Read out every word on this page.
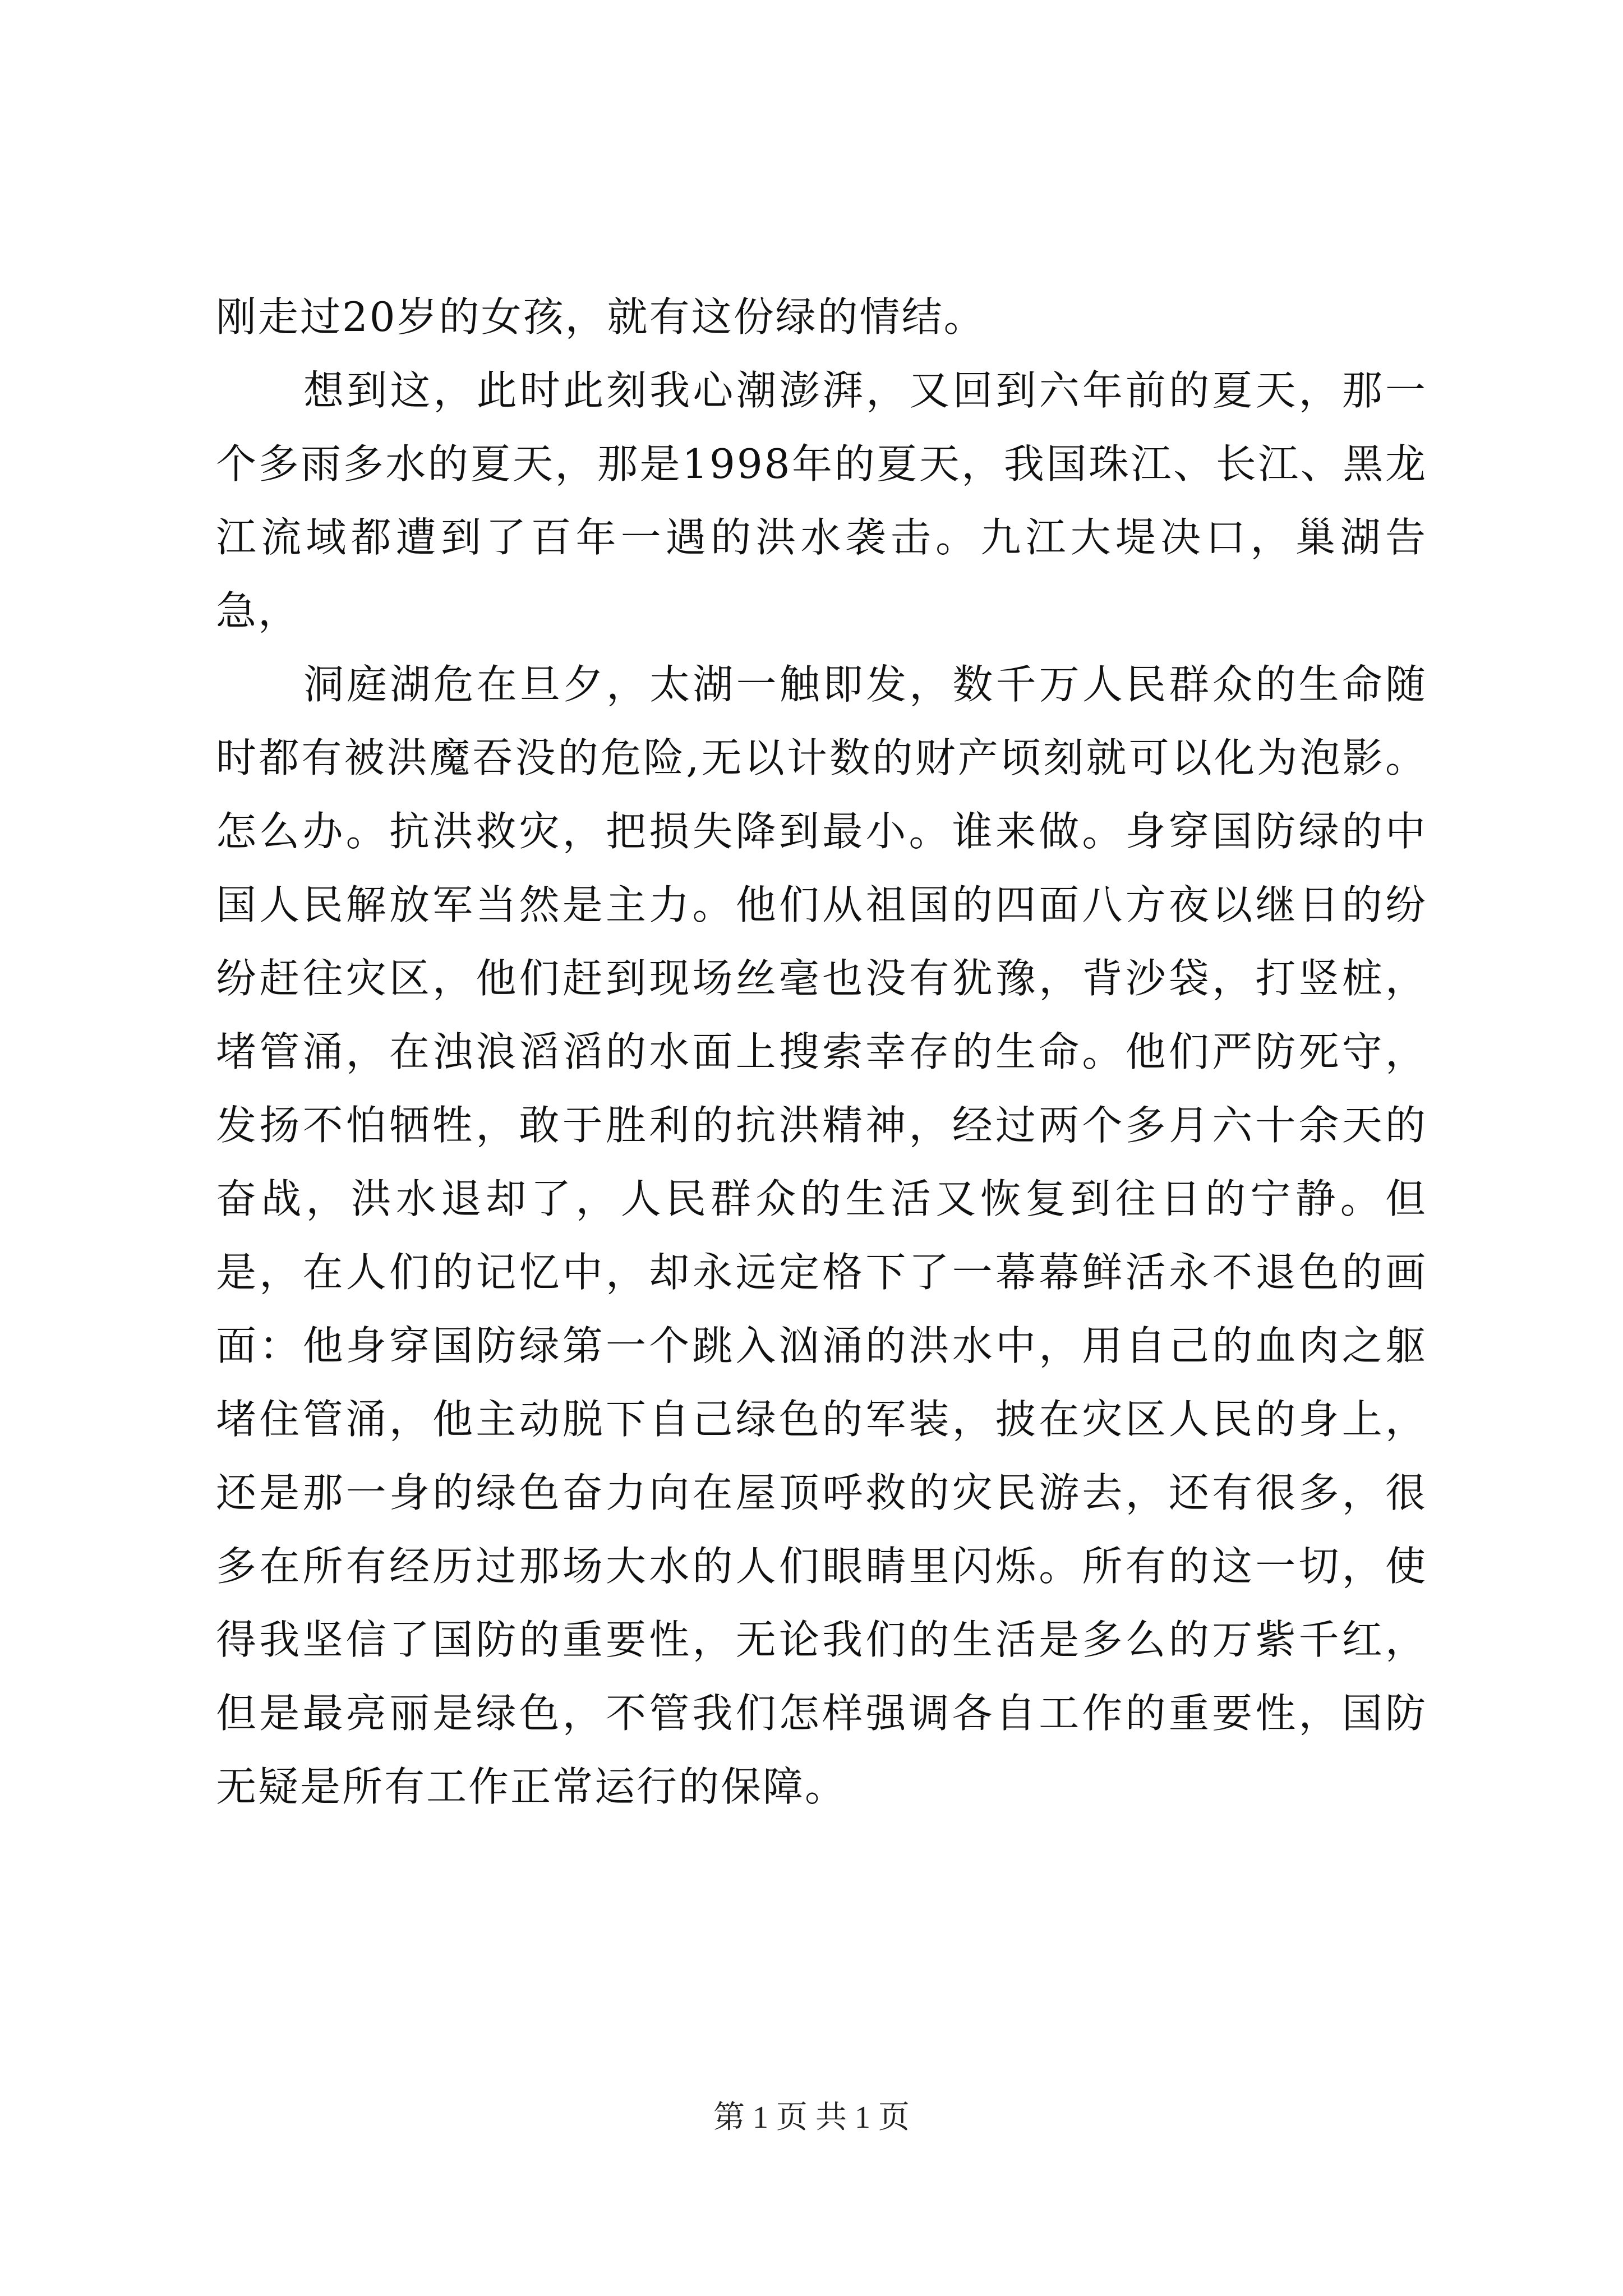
刚走过20岁的女孩，就有这份绿的情结。

想到这，此时此刻我心潮澎湃，又回到六年前的夏天，那一个多雨多水的夏天，那是1998年的夏天，我国珠江、长江、黑龙江流域都遭到了百年一遇的洪水袭击。九江大堤决口，巢湖告急，

洞庭湖危在旦夕，太湖一触即发，数千万人民群众的生命随时都有被洪魔吞没的危险,无以计数的财产顷刻就可以化为泡影。怎么办。抗洪救灾，把损失降到最小。谁来做。身穿国防绿的中国人民解放军当然是主力。他们从祖国的四面八方夜以继日的纷纷赶往灾区，他们赶到现场丝毫也没有犹豫，背沙袋，打竖桩，堵管涌，在浊浪滔滔的水面上搜索幸存的生命。他们严防死守，发扬不怕牺牲，敢于胜利的抗洪精神，经过两个多月六十余天的奋战，洪水退却了，人民群众的生活又恢复到往日的宁静。但是，在人们的记忆中，却永远定格下了一幕幕鲜活永不退色的画面：他身穿国防绿第一个跳入汹涌的洪水中，用自己的血肉之躯堵住管涌，他主动脱下自己绿色的军装，披在灾区人民的身上，还是那一身的绿色奋力向在屋顶呼救的灾民游去，还有很多，很多在所有经历过那场大水的人们眼睛里闪烁。所有的这一切，使得我坚信了国防的重要性，无论我们的生活是多么的万紫千红，但是最亮丽是绿色，不管我们怎样强调各自工作的重要性，国防无疑是所有工作正常运行的保障。

第 1 页 共 1 页
